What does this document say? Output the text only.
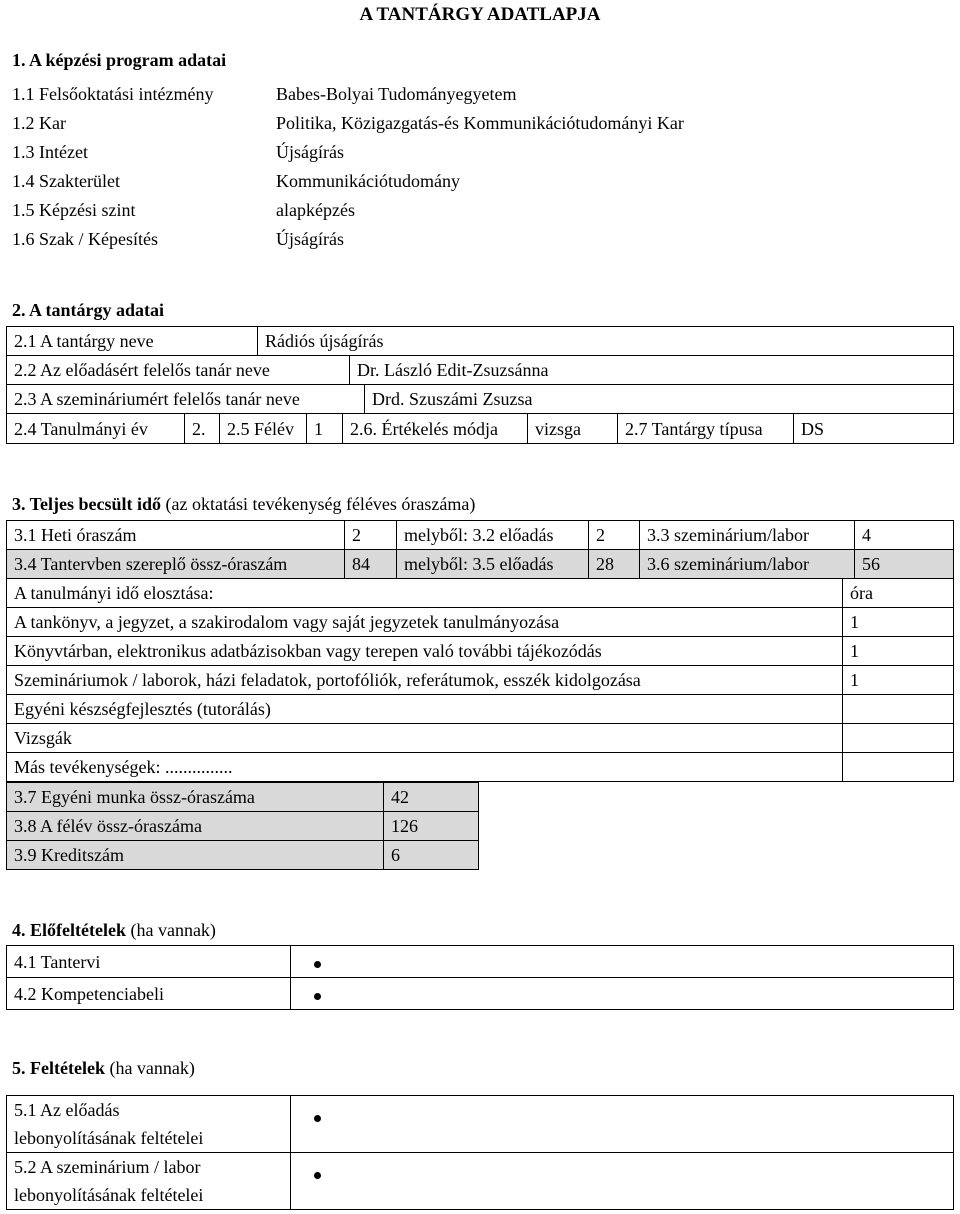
A TANTÁRGY ADATLAPJA
1. A képzési program adatai
1.1 Felsőoktatási intézmény	Babes-Bolyai Tudományegyetem
1.2 Kar	Politika, Közigazgatás-és Kommunikációtudományi Kar
1.3 Intézet	Újságírás
1.4 Szakterület	Kommunikációtudomány
1.5 Képzési szint	alapképzés
1.6 Szak / Képesítés	Újságírás
2. A tantárgy adatai
2.1 A tantárgy neve	Rádiós újságírás
2.2 Az előadásért felelős tanár neve	Dr. László Edit-Zsuzsánna
2.3 A szemináriumért felelős tanár neve	Drd. Szuszámi Zsuzsa
2.4 Tanulmányi év	2.	2.5 Félév	1	2.6. Értékelés módja	vizsga	2.7 Tantárgy típusa	DS
3. Teljes becsült idő (az oktatási tevékenység féléves óraszáma)
3.1 Heti óraszám	2	melyből: 3.2 előadás	2	3.3 szeminárium/labor	4
3.4 Tantervben szereplő össz-óraszám	84	melyből: 3.5 előadás	28	3.6 szeminárium/labor	56
A tanulmányi idő elosztása:	óra
A tankönyv, a jegyzet, a szakirodalom vagy saját jegyzetek tanulmányozása	1
Könyvtárban, elektronikus adatbázisokban vagy terepen való további tájékozódás	1
Szemináriumok / laborok, házi feladatok, portofóliók, referátumok, esszék kidolgozása	1
Egyéni készségfejlesztés (tutorálás)	
Vizsgák	
Más tevékenységek: ...............	
3.7 Egyéni munka össz-óraszáma	42
3.8 A félév össz-óraszáma	126
3.9 Kreditszám	6
4. Előfeltételek (ha vannak)
4.1 Tantervi	
4.2 Kompetenciabeli	
5. Feltételek (ha vannak)
5.1 Az előadás
lebonyolításának feltételei	

5.2 A szeminárium / labor
lebonyolításának feltételei	
